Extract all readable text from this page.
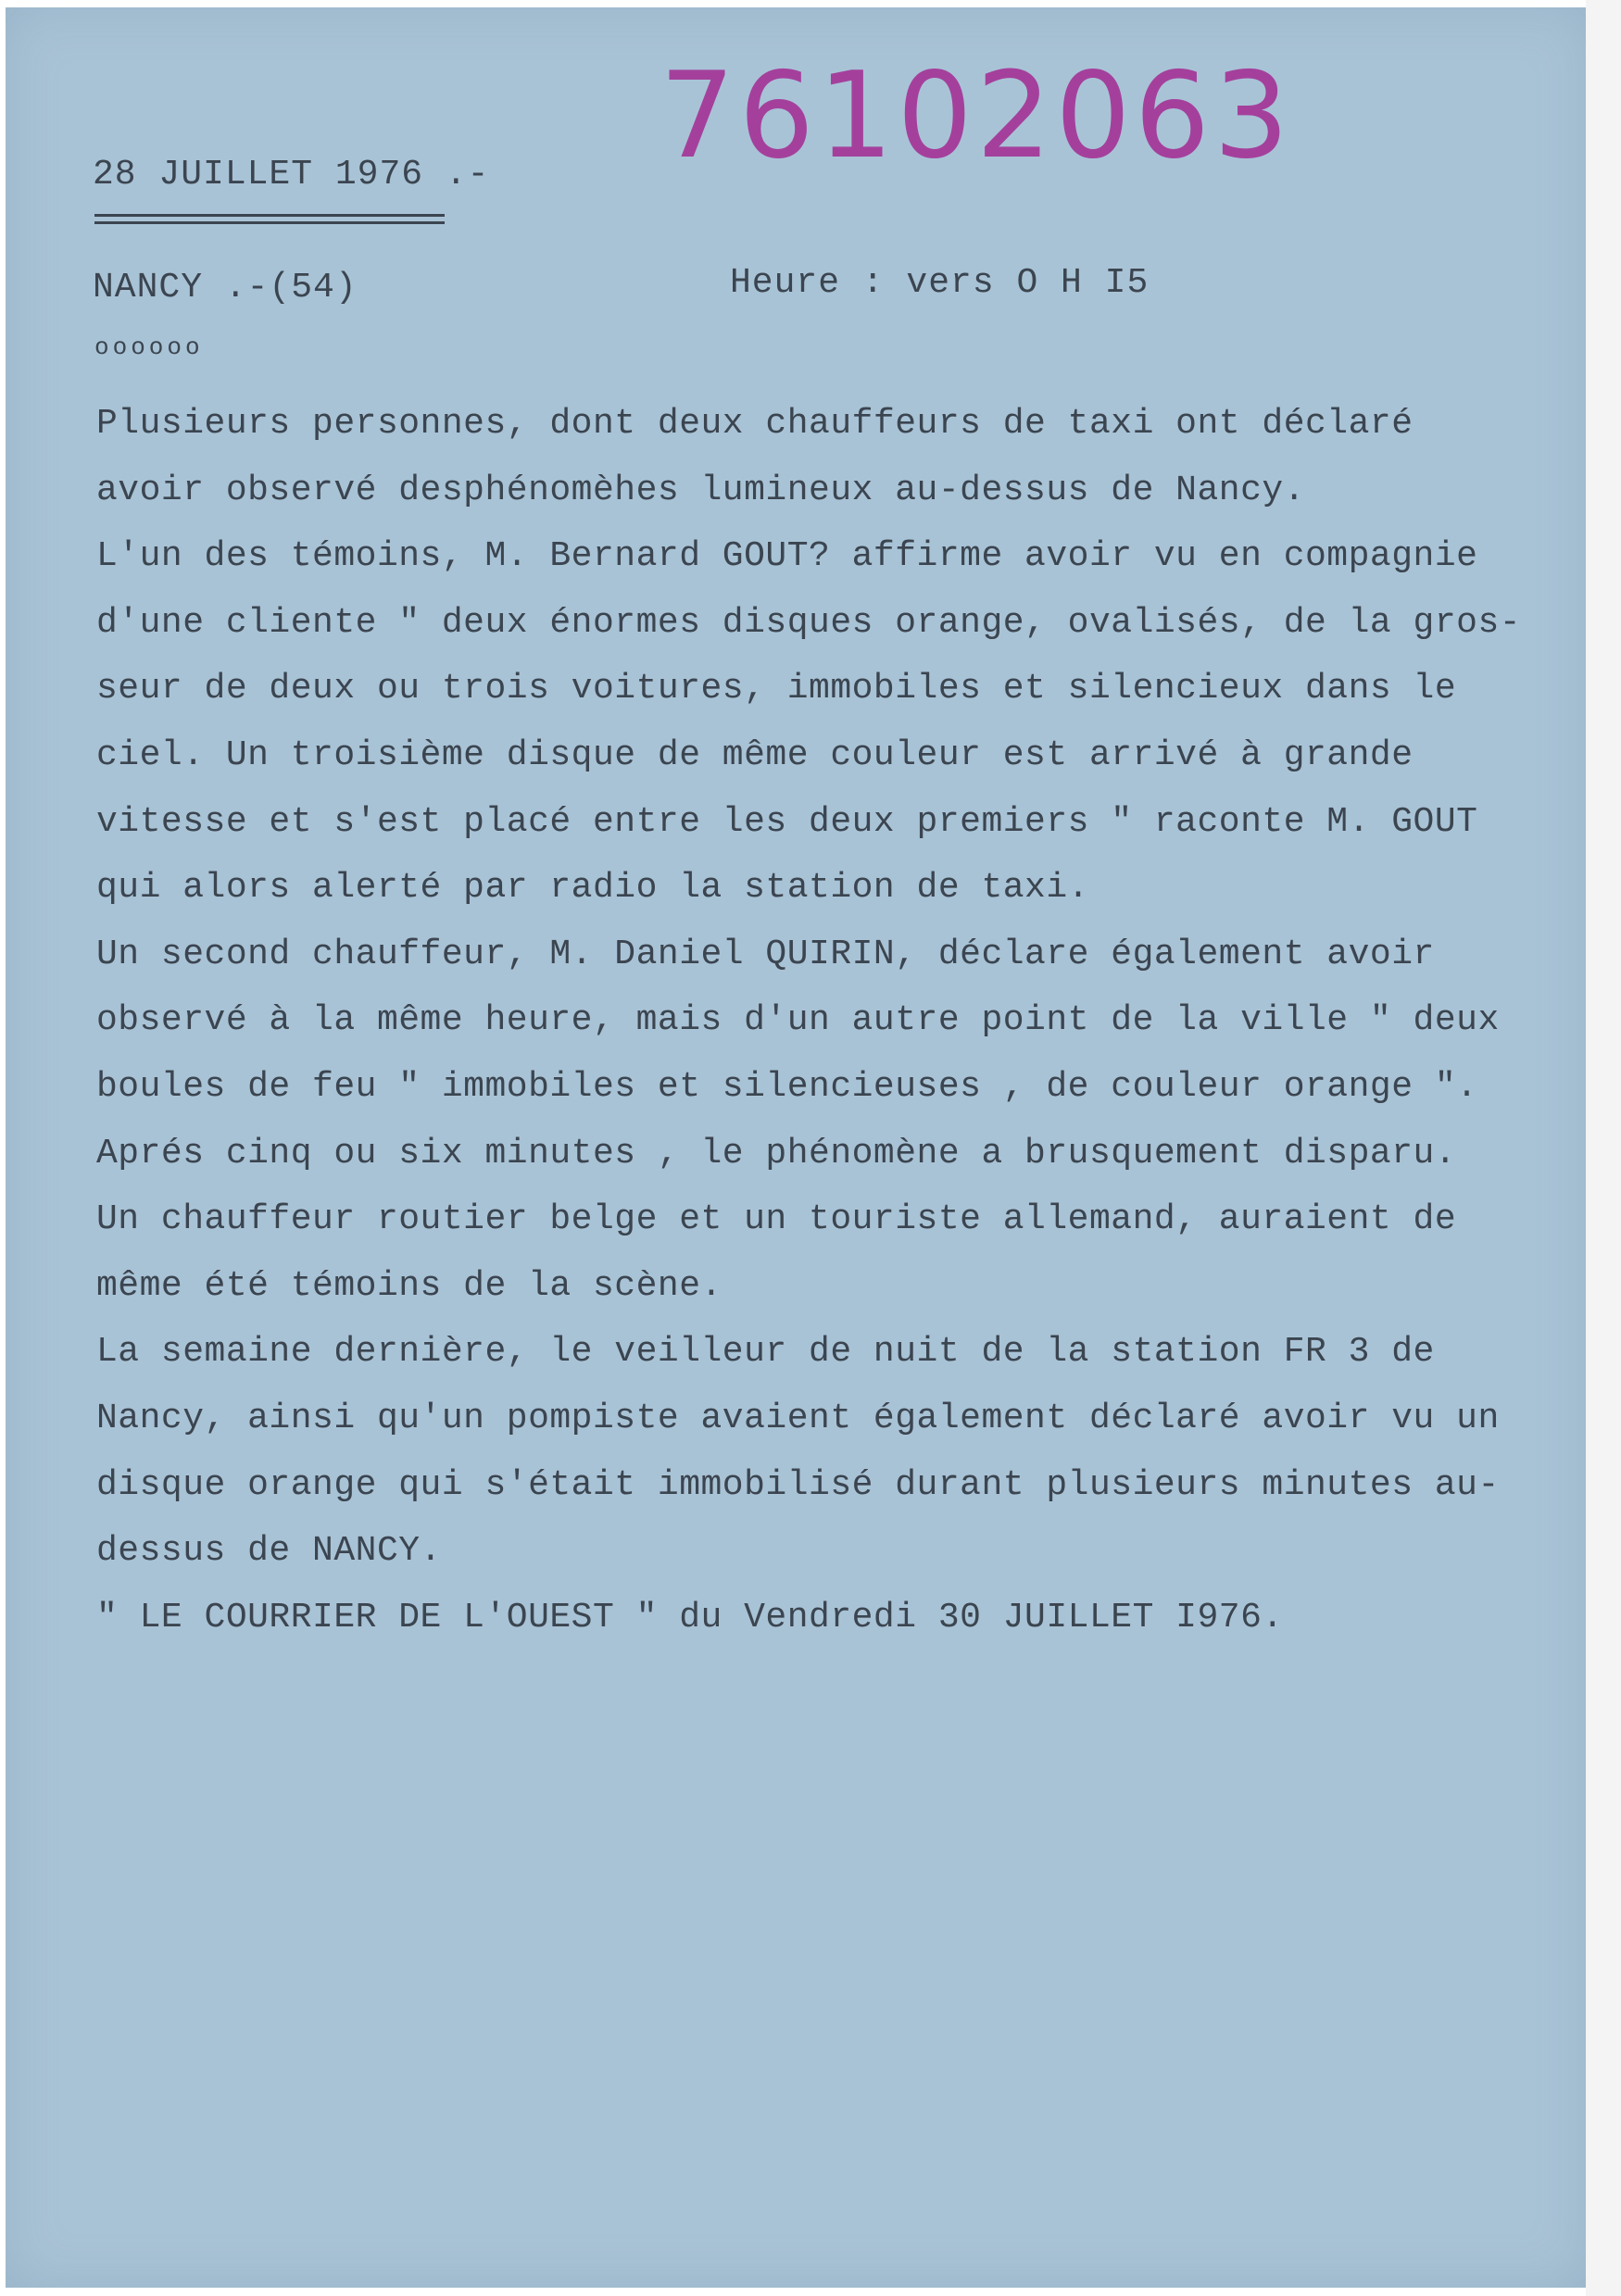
28 JUILLET 1976 .- 76102063
NANCY .-(54)	Heure : vers O H I5
oooooo
Plusieurs personnes, dont deux chauffeurs de taxi ont déclaré
avoir observé desphénomèhes lumineux au-dessus de Nancy.
L'un des témoins, M. Bernard GOUT? affirme avoir vu en compagnie
d'une cliente " deux énormes disques orange, ovalisés, de la gros-
seur de deux ou trois voitures, immobiles et silencieux dans le
ciel. Un troisième disque de même couleur est arrivé à grande
vitesse et s'est placé entre les deux premiers " raconte M. GOUT
qui alors alerté par radio la station de taxi.
Un second chauffeur, M. Daniel QUIRIN, déclare également avoir
observé à la même heure, mais d'un autre point de la ville " deux
boules de feu " immobiles et silencieuses , de couleur orange ".
Aprés cinq ou six minutes , le phénomène a brusquement disparu.
Un chauffeur routier belge et un touriste allemand, auraient de
même été témoins de la scène.
La semaine dernière, le veilleur de nuit de la station FR 3 de
Nancy, ainsi qu'un pompiste avaient également déclaré avoir vu un
disque orange qui s'était immobilisé durant plusieurs minutes au-
dessus de NANCY.
" LE COURRIER DE L'OUEST " du Vendredi 30 JUILLET I976.
